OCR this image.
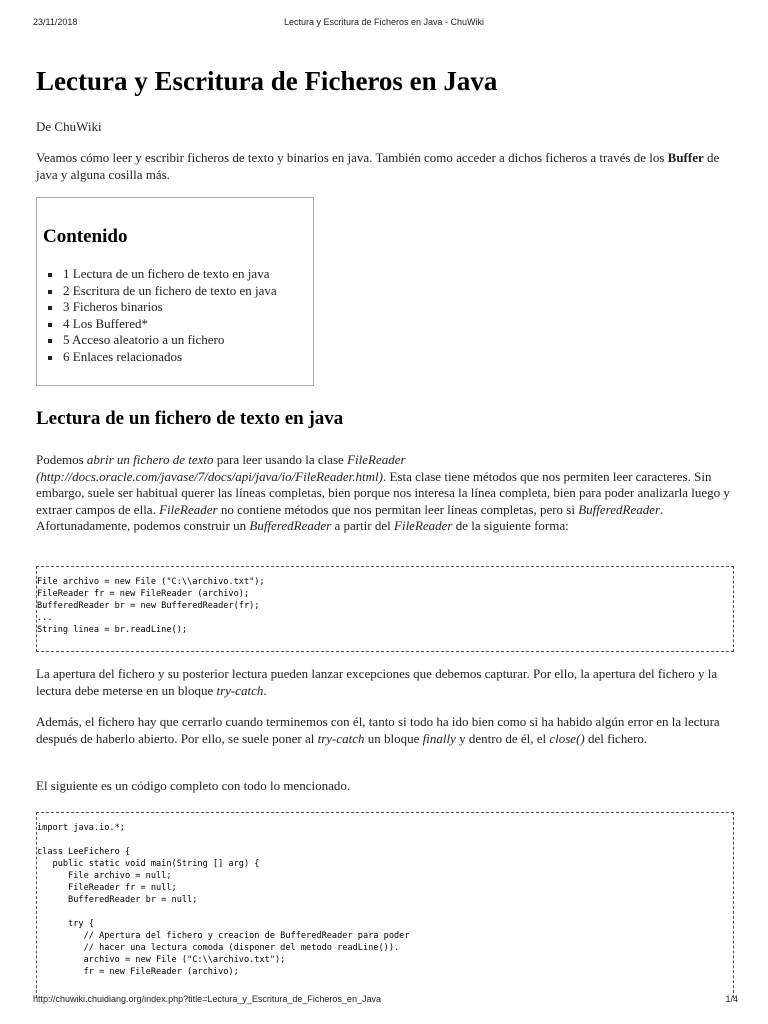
23/11/2018	Lectura y Escritura de Ficheros en Java - ChuWiki
Lectura y Escritura de Ficheros en Java
De ChuWiki

Veamos cómo leer y escribir ficheros de texto y binarios en java. También como acceder a dichos ficheros a través de los Buffer de java y alguna cosilla más.

Contenido
1 Lectura de un fichero de texto en java
2 Escritura de un fichero de texto en java
3 Ficheros binarios
4 Los Buffered*
5 Acceso aleatorio a un fichero
6 Enlaces relacionados
Lectura de un fichero de texto en java

Podemos abrir un fichero de texto para leer usando la clase FileReader (http://docs.oracle.com/javase/7/docs/api/java/io/FileReader.html). Esta clase tiene métodos que nos permiten leer caracteres. Sin embargo, suele ser habitual querer las líneas completas, bien porque nos interesa la línea completa, bien para poder analizarla luego y extraer campos de ella. FileReader no contiene métodos que nos permitan leer líneas completas, pero si BufferedReader. Afortunadamente, podemos construir un BufferedReader a partir del FileReader de la siguiente forma:

File archivo = new File ("C:\\archivo.txt");
FileReader fr = new FileReader (archivo);
BufferedReader br = new BufferedReader(fr);
...
String linea = br.readLine();

La apertura del fichero y su posterior lectura pueden lanzar excepciones que debemos capturar. Por ello, la apertura del fichero y la lectura debe meterse en un bloque try-catch.

Además, el fichero hay que cerrarlo cuando terminemos con él, tanto si todo ha ido bien como si ha habido algún error en la lectura después de haberlo abierto. Por ello, se suele poner al try-catch un bloque finally y dentro de él, el close() del fichero.

El siguiente es un código completo con todo lo mencionado.

import java.io.*;

class LeeFichero {
public static void main(String [] arg) {
File archivo = null;
FileReader fr = null;
BufferedReader br = null;

try {
// Apertura del fichero y creacion de BufferedReader para poder
// hacer una lectura comoda (disponer del metodo readLine()).
archivo = new File ("C:\\archivo.txt");
fr = new FileReader (archivo);
http://chuwiki.chuidiang.org/index.php?title=Lectura_y_Escritura_de_Ficheros_en_Java	1/4
